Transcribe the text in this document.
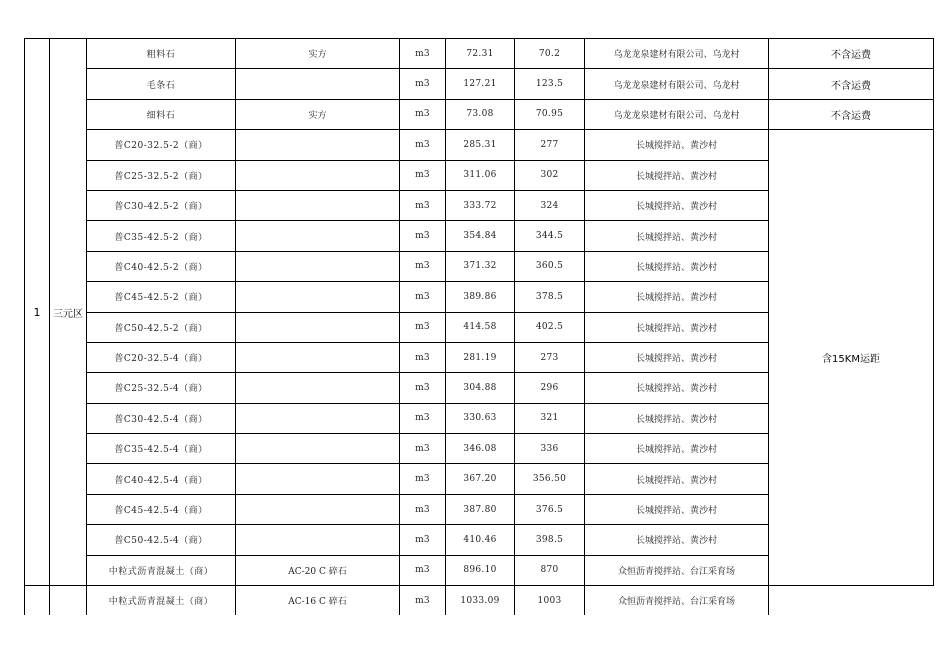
1	三元区	粗料石	实方	m3	72.31	70.2	乌龙龙泉建材有限公司、乌龙村	不含运费
		毛条石		m3	127.21	123.5	乌龙龙泉建材有限公司、乌龙村	不含运费
		细料石	实方	m3	73.08	70.95	乌龙龙泉建材有限公司、乌龙村	不含运费
		普C20-32.5-2（商）		m3	285.31	277	长城搅拌站、黄沙村	含15KM运距
		普C25-32.5-2（商）		m3	311.06	302	长城搅拌站、黄沙村	
		普C30-42.5-2（商）		m3	333.72	324	长城搅拌站、黄沙村	
		普C35-42.5-2（商）		m3	354.84	344.5	长城搅拌站、黄沙村	
		普C40-42.5-2（商）		m3	371.32	360.5	长城搅拌站、黄沙村	
		普C45-42.5-2（商）		m3	389.86	378.5	长城搅拌站、黄沙村	
		普C50-42.5-2（商）		m3	414.58	402.5	长城搅拌站、黄沙村	
		普C20-32.5-4（商）		m3	281.19	273	长城搅拌站、黄沙村	
		普C25-32.5-4（商）		m3	304.88	296	长城搅拌站、黄沙村	
		普C30-42.5-4（商）		m3	330.63	321	长城搅拌站、黄沙村	
		普C35-42.5-4（商）		m3	346.08	336	长城搅拌站、黄沙村	
		普C40-42.5-4（商）		m3	367.20	356.50	长城搅拌站、黄沙村	
		普C45-42.5-4（商）		m3	387.80	376.5	长城搅拌站、黄沙村	
		普C50-42.5-4（商）		m3	410.46	398.5	长城搅拌站、黄沙村	
		中粒式沥青混凝土（商）	AC-20 C 碎石	m3	896.10	870	众恒沥青搅拌站、台江采育场	
		中粒式沥青混凝土（商）	AC-16 C 碎石	m3	1033.09	1003	众恒沥青搅拌站、台江采育场	
